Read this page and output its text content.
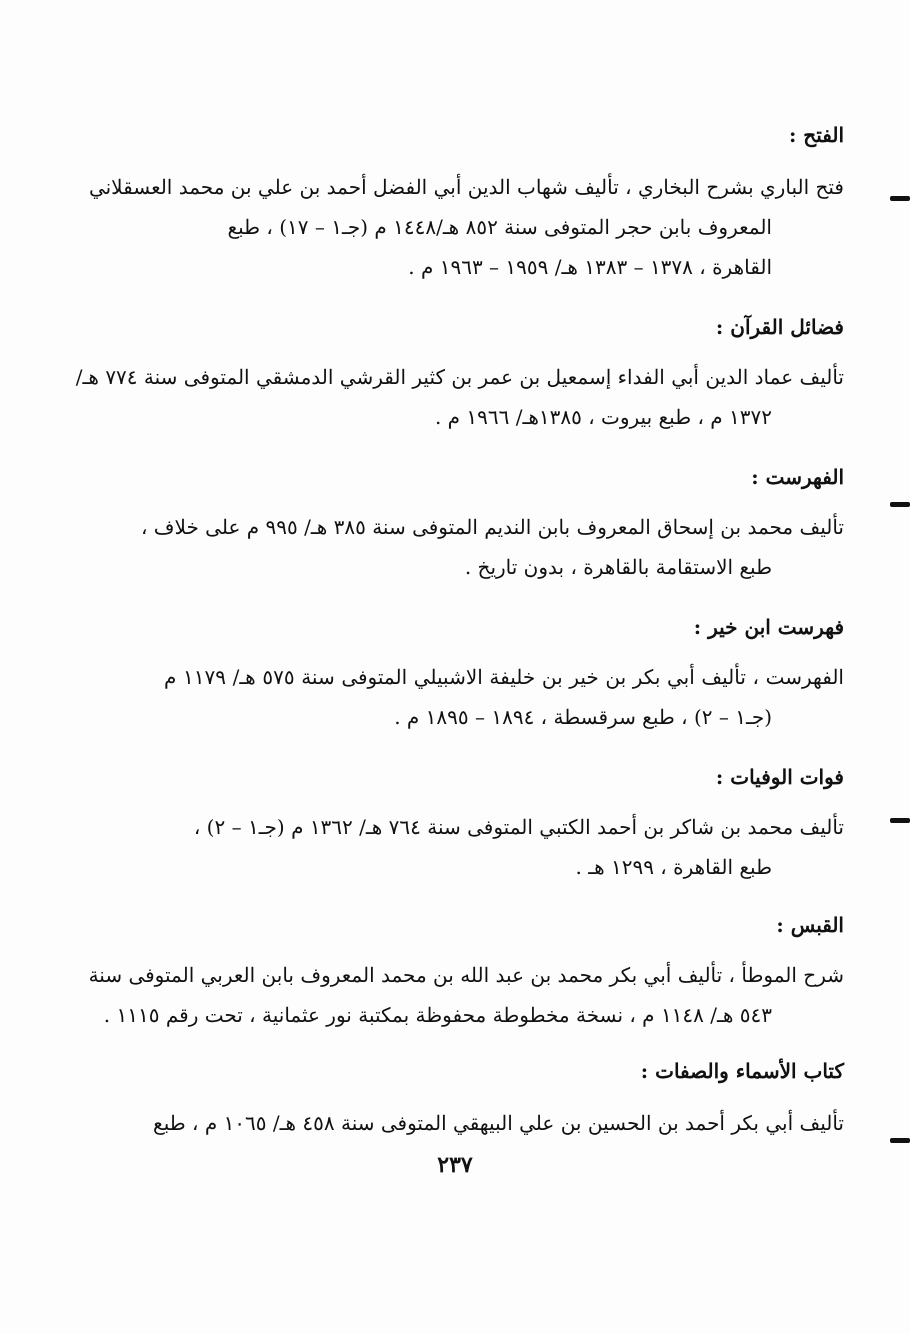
الفتح :
فتح الباري بشرح البخاري ، تأليف شهاب الدين أبي الفضل أحمد بن علي بن محمد العسقلاني
المعروف بابن حجر المتوفى سنة ٨٥٢ هـ/١٤٤٨ م (جـ١ – ١٧) ، طبع
القاهرة ، ١٣٧٨ – ١٣٨٣ هـ/ ١٩٥٩ – ١٩٦٣ م .
فضائل القرآن :
تأليف عماد الدين أبي الفداء إسمعيل بن عمر بن كثير القرشي الدمشقي المتوفى سنة ٧٧٤ هـ/
١٣٧٢ م ، طبع بيروت ، ١٣٨٥هـ/ ١٩٦٦ م .
الفهرست :
تأليف محمد بن إسحاق المعروف بابن النديم المتوفى سنة ٣٨٥ هـ/ ٩٩٥ م على خلاف ،
طبع الاستقامة بالقاهرة ، بدون تاريخ .
فهرست ابن خير :
الفهرست ، تأليف أبي بكر بن خير بن خليفة الاشبيلي المتوفى سنة ٥٧٥ هـ/ ١١٧٩ م
(جـ١ – ٢) ، طبع سرقسطة ، ١٨٩٤ – ١٨٩٥ م .
فوات الوفيات :
تأليف محمد بن شاكر بن أحمد الكتبي المتوفى سنة ٧٦٤ هـ/ ١٣٦٢ م (جـ١ – ٢) ،
طبع القاهرة ، ١٢٩٩ هـ .
القبس :
شرح الموطأ ، تأليف أبي بكر محمد بن عبد الله بن محمد المعروف بابن العربي المتوفى سنة
٥٤٣ هـ/ ١١٤٨ م ، نسخة مخطوطة محفوظة بمكتبة نور عثمانية ، تحت رقم ١١١٥ .
كتاب الأسماء والصفات :
تأليف أبي بكر أحمد بن الحسين بن علي البيهقي المتوفى سنة ٤٥٨ هـ/ ١٠٦٥ م ، طبع
٢٣٧
